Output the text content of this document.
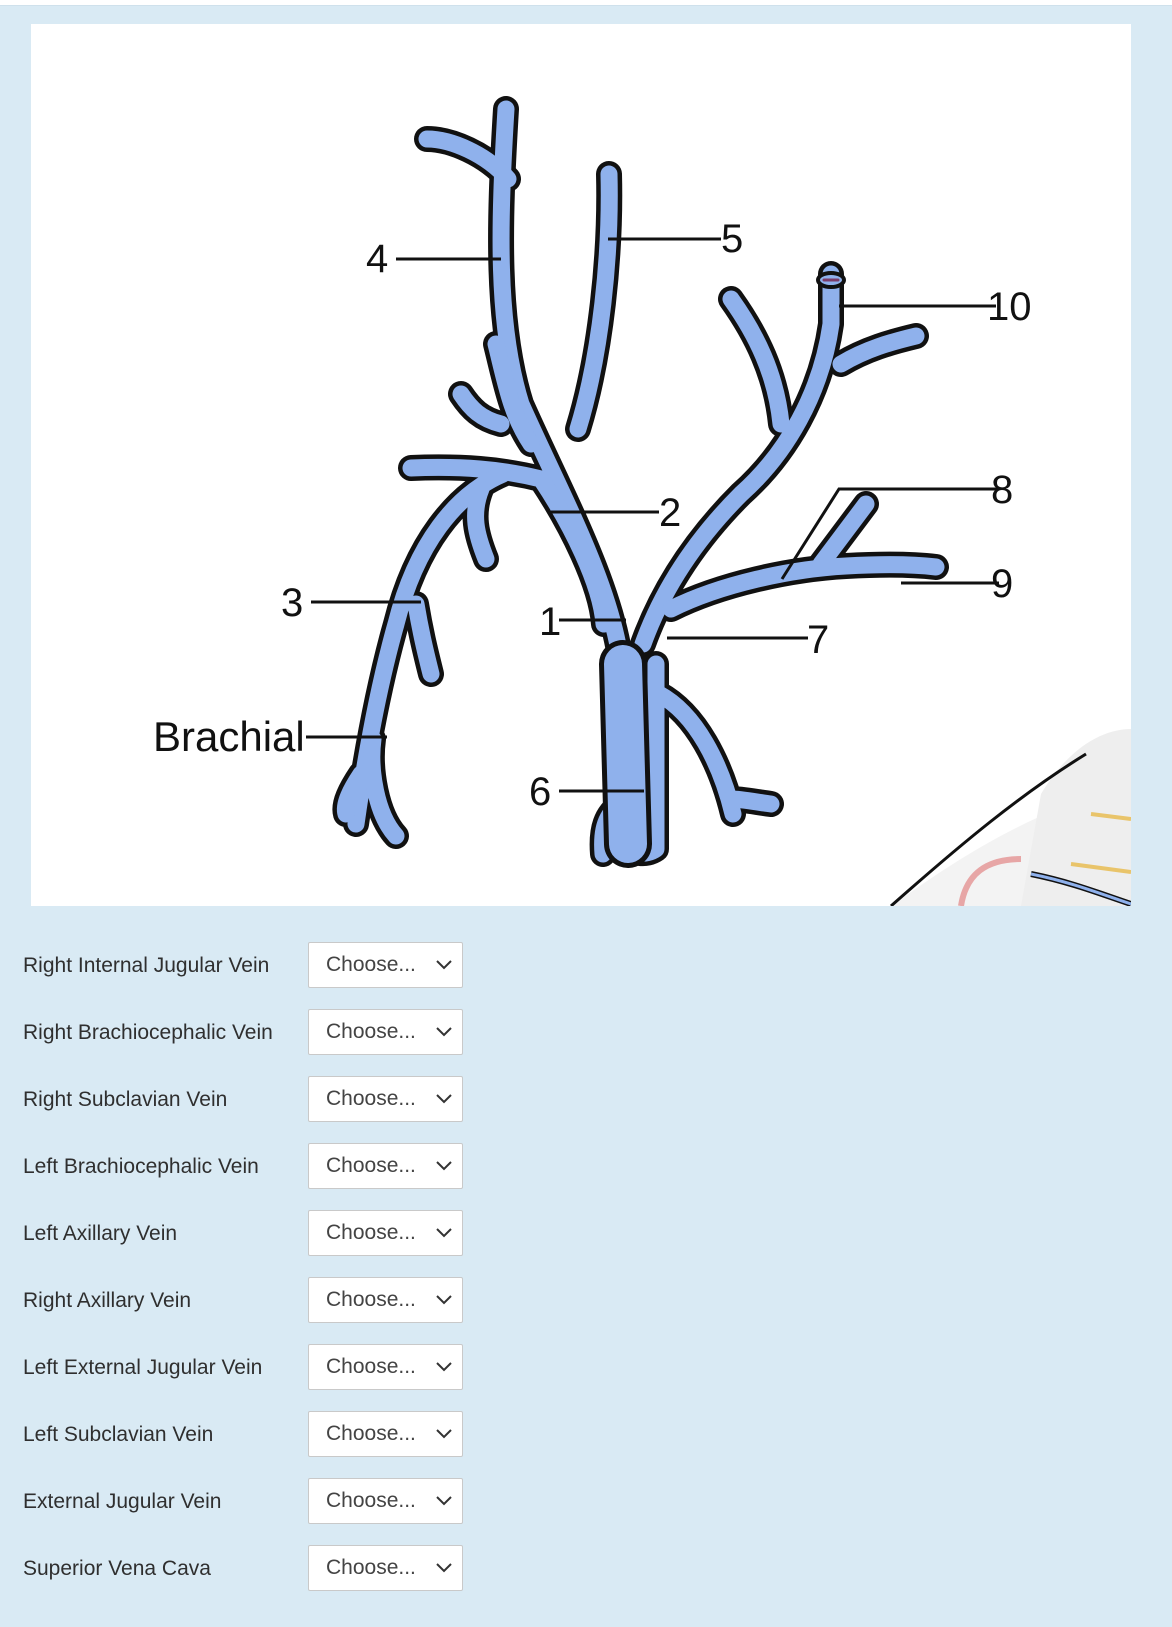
4	5
10
8
9
2
3	1	7
Brachial
6
Right Internal Jugular Vein	Choose...
Right Brachiocephalic Vein	Choose...
Right Subclavian Vein	Choose...
Left Brachiocephalic Vein	Choose...
Left Axillary Vein	Choose...
Right Axillary Vein	Choose...
Left External Jugular Vein	Choose...
Left Subclavian Vein	Choose...
External Jugular Vein	Choose...
Superior Vena Cava	Choose...
